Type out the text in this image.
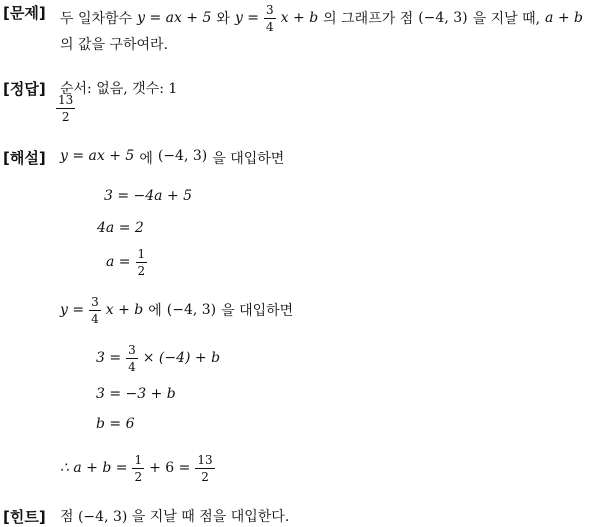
[문제]
[정답]
[해설]
[힌트]
두 일차함수 y = ax + 5 와 $y = \frac{3}{4}$ x + b 의 그래프가 점 (−4, 3) 을 지날 때, a + b
의 값을 구하여라.
순서: 없음, 갯수: 1
$\frac{13}{2}$
y = ax + 5 에 (−4, 3) 을 대입하면
3 = −4a + 5
4a = 2
$a = \frac{1}{2}$
$y = \frac{3}{4}$ x + b 에 (−4, 3) 을 대입하면
$3 = \frac{3}{4} \times (-4) + b$
3 = −3 + b
b = 6
∴ $a + b = \frac{1}{2} + 6 = \frac{13}{2}$
점 (−4, 3) 을 지날 때 점을 대입한다.
